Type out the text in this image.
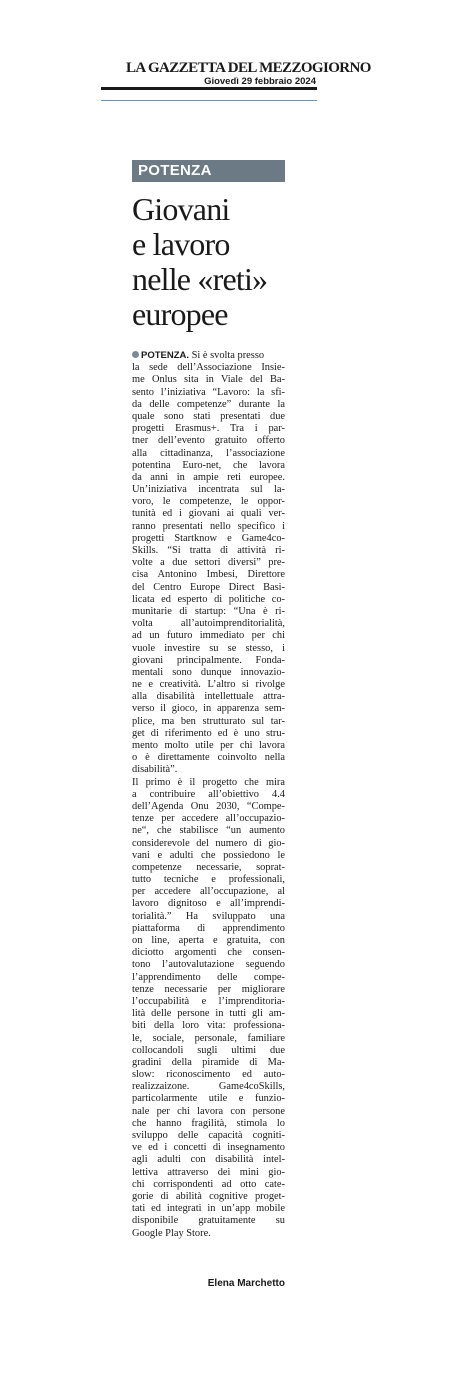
LA GAZZETTA DEL MEZZOGIORNO
Giovedì 29 febbraio 2024
POTENZA
Giovani
e lavoro
nelle «reti»
europee
POTENZA. Si è svolta presso
la sede dell’Associazione Insie-
me Onlus sita in Viale del Ba-
sento l’iniziativa “Lavoro: la sfi-
da delle competenze” durante la
quale sono stati presentati due
progetti Erasmus+. Tra i par-
tner dell’evento gratuito offerto
alla cittadinanza, l’associazione
potentina Euro-net, che lavora
da anni in ampie reti europee.
Un’iniziativa incentrata sul la-
voro, le competenze, le oppor-
tunità ed i giovani ai quali ver-
ranno presentati nello specifico i
progetti Startknow e Game4co-
Skills. “Si tratta di attività ri-
volte a due settori diversi” pre-
cisa Antonino Imbesi, Direttore
del Centro Europe Direct Basi-
licata ed esperto di politiche co-
munitarie di startup: “Una è ri-
volta all’autoimprenditorialità,
ad un futuro immediato per chi
vuole investire su se stesso, i
giovani principalmente. Fonda-
mentali sono dunque innovazio-
ne e creatività. L’altro si rivolge
alla disabilità intellettuale attra-
verso il gioco, in apparenza sem-
plice, ma ben strutturato sul tar-
get di riferimento ed è uno stru-
mento molto utile per chi lavora
o è direttamente coinvolto nella
disabilità”.
Il primo è il progetto che mira
a contribuire all’obiettivo 4.4
dell’Agenda Onu 2030, “Compe-
tenze per accedere all’occupazio-
ne“, che stabilisce “un aumento
considerevole del numero di gio-
vani e adulti che possiedono le
competenze necessarie, soprat-
tutto tecniche e professionali,
per accedere all’occupazione, al
lavoro dignitoso e all’imprendi-
torialità.” Ha sviluppato una
piattaforma di apprendimento
on line, aperta e gratuita, con
diciotto argomenti che consen-
tono l’autovalutazione seguendo
l’apprendimento delle compe-
tenze necessarie per migliorare
l’occupabilità e l’imprenditoria-
lità delle persone in tutti gli am-
biti della loro vita: professiona-
le, sociale, personale, familiare
collocandoli sugli ultimi due
gradini della piramide di Ma-
slow: riconoscimento ed auto-
realizzaizone. Game4coSkills,
particolarmente utile e funzio-
nale per chi lavora con persone
che hanno fragilità, stimola lo
sviluppo delle capacità cogniti-
ve ed i concetti di insegnamento
agli adulti con disabilità intel-
lettiva attraverso dei mini gio-
chi corrispondenti ad otto cate-
gorie di abilità cognitive proget-
tati ed integrati in un’app mobile
disponibile gratuitamente su
Google Play Store.
Elena Marchetto
